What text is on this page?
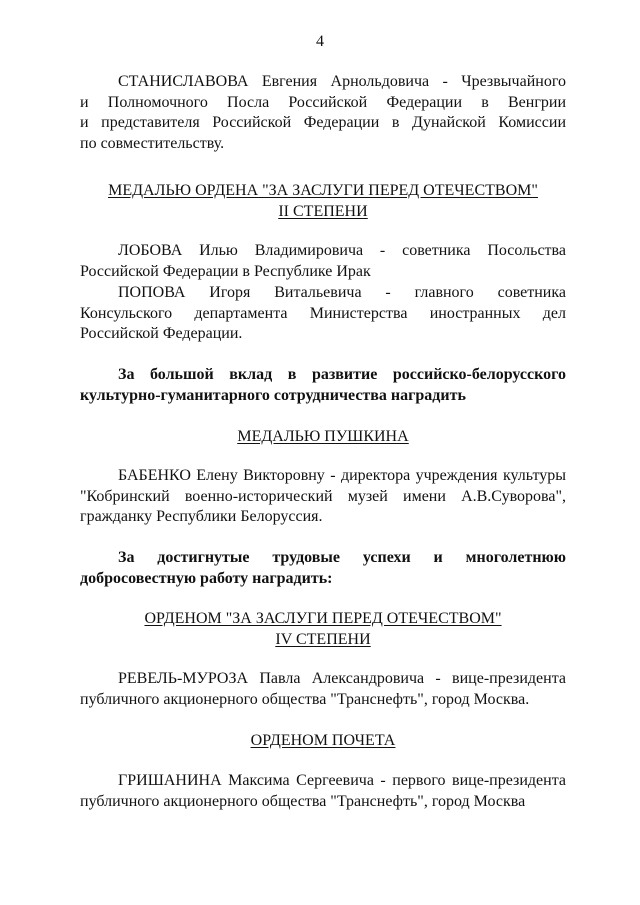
4
СТАНИСЛАВОВА Евгения Арнольдовича - Чрезвычайного
и Полномочного Посла Российской Федерации в Венгрии
и представителя Российской Федерации в Дунайской Комиссии
по совместительству.
МЕДАЛЬЮ ОРДЕНА "ЗА ЗАСЛУГИ ПЕРЕД ОТЕЧЕСТВОМ"
II СТЕПЕНИ
ЛОБОВА Илью Владимировича - советника Посольства
Российской Федерации в Республике Ирак
ПОПОВА Игоря Витальевича - главного советника
Консульского департамента Министерства иностранных дел
Российской Федерации.
За большой вклад в развитие российско-белорусского
культурно-гуманитарного сотрудничества наградить
МЕДАЛЬЮ ПУШКИНА
БАБЕНКО Елену Викторовну - директора учреждения культуры
"Кобринский военно-исторический музей имени А.В.Суворова",
гражданку Республики Белоруссия.
За достигнутые трудовые успехи и многолетнюю
добросовестную работу наградить:
ОРДЕНОМ "ЗА ЗАСЛУГИ ПЕРЕД ОТЕЧЕСТВОМ"
IV СТЕПЕНИ
РЕВЕЛЬ-МУРОЗА Павла Александровича - вице-президента
публичного акционерного общества "Транснефть", город Москва.
ОРДЕНОМ ПОЧЕТА
ГРИШАНИНА Максима Сергеевича - первого вице-президента
публичного акционерного общества "Транснефть", город Москва
